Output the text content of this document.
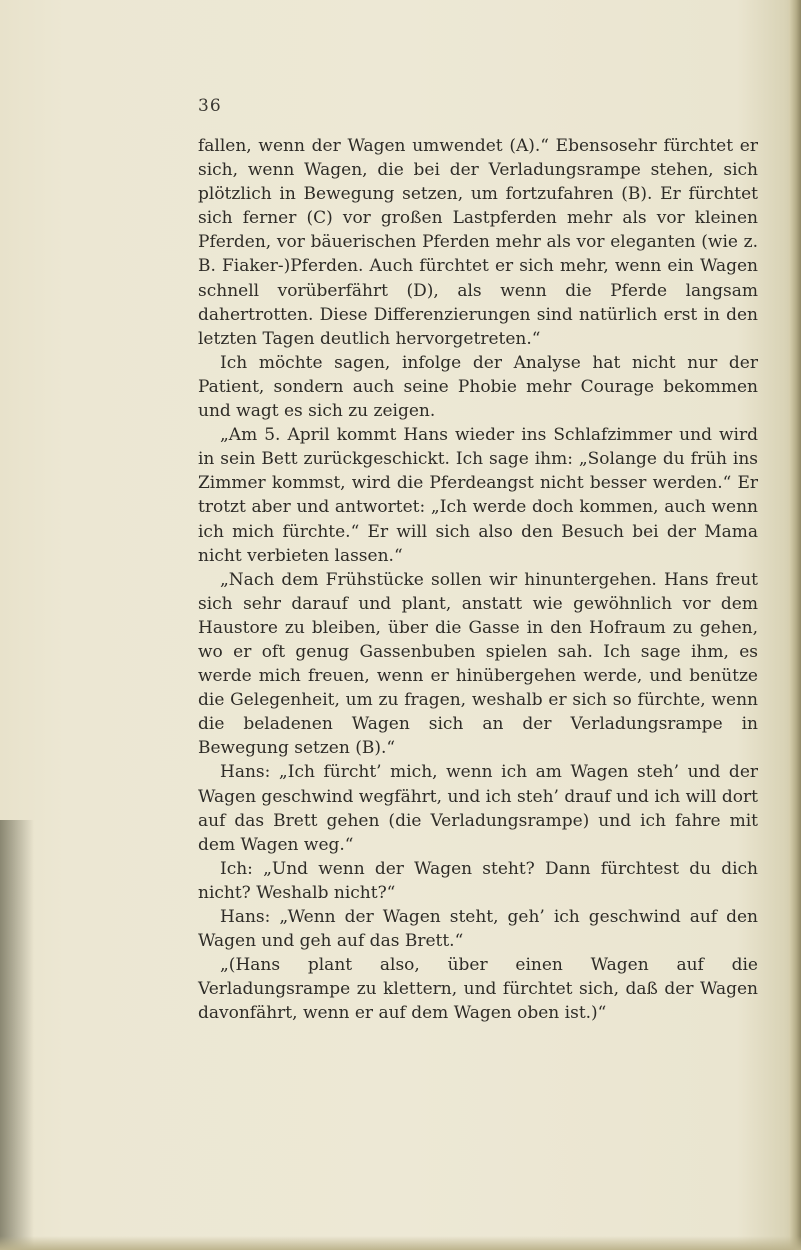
36

fallen, wenn der Wagen umwendet (A).“ Ebensosehr fürchtet er sich, wenn Wagen, die bei der Verladungsrampe stehen, sich plötzlich in Bewegung setzen, um fortzufahren (B). Er fürchtet sich ferner (C) vor großen Lastpferden mehr als vor kleinen Pferden, vor bäuerischen Pferden mehr als vor eleganten (wie z. B. Fiaker-)Pferden. Auch fürchtet er sich mehr, wenn ein Wagen schnell vorüberfährt (D), als wenn die Pferde langsam dahertrotten. Diese Differenzierungen sind natürlich erst in den letzten Tagen deutlich hervorgetreten.“

Ich möchte sagen, infolge der Analyse hat nicht nur der Patient, sondern auch seine Phobie mehr Courage bekommen und wagt es sich zu zeigen.

„Am 5. April kommt Hans wieder ins Schlafzimmer und wird in sein Bett zurückgeschickt. Ich sage ihm: „Solange du früh ins Zimmer kommst, wird die Pferdeangst nicht besser werden.“ Er trotzt aber und antwortet: „Ich werde doch kommen, auch wenn ich mich fürchte.“ Er will sich also den Besuch bei der Mama nicht verbieten lassen.“

„Nach dem Frühstücke sollen wir hinuntergehen. Hans freut sich sehr darauf und plant, anstatt wie gewöhnlich vor dem Haustore zu bleiben, über die Gasse in den Hofraum zu gehen, wo er oft genug Gassenbuben spielen sah. Ich sage ihm, es werde mich freuen, wenn er hinübergehen werde, und benütze die Gelegenheit, um zu fragen, weshalb er sich so fürchte, wenn die beladenen Wagen sich an der Verladungsrampe in Bewegung setzen (B).“

Hans: „Ich fürcht’ mich, wenn ich am Wagen steh’ und der Wagen geschwind wegfährt, und ich steh’ drauf und ich will dort auf das Brett gehen (die Verladungsrampe) und ich fahre mit dem Wagen weg.“

Ich: „Und wenn der Wagen steht? Dann fürchtest du dich nicht? Weshalb nicht?“

Hans: „Wenn der Wagen steht, geh’ ich geschwind auf den Wagen und geh auf das Brett.“

„(Hans plant also, über einen Wagen auf die Verladungsrampe zu klettern, und fürchtet sich, daß der Wagen davonfährt, wenn er auf dem Wagen oben ist.)“
